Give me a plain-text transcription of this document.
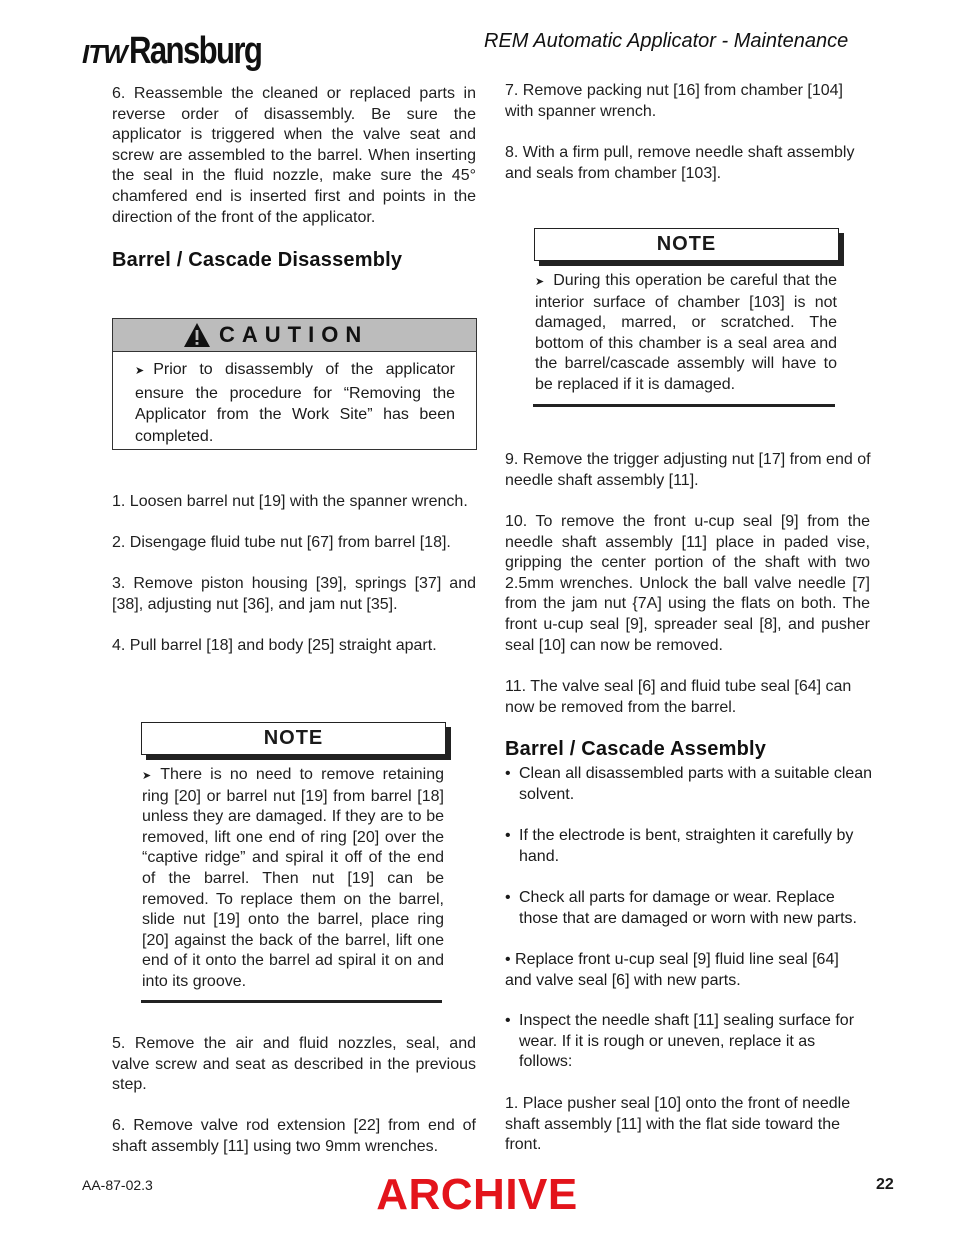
ITW Ransburg	REM Automatic Applicator - Maintenance
6. Reassemble the cleaned or replaced parts in reverse order of disassembly. Be sure the applicator is triggered when the valve seat and screw are assembled to the barrel. When inserting the seal in the fluid nozzle, make sure the 45° chamfered end is inserted first and points in the direction of the front of the applicator.
Barrel / Cascade Disassembly
CAUTION
➤ Prior to disassembly of the applicator ensure the procedure for “Removing the Applicator from the Work Site” has been completed.
1. Loosen barrel nut [19] with the spanner wrench.
2. Disengage fluid tube nut [67] from barrel [18].
3. Remove piston housing [39], springs [37] and [38], adjusting nut [36], and jam nut [35].
4. Pull barrel [18] and body [25] straight apart.
NOTE
➤ There is no need to remove retaining ring [20] or barrel nut [19] from barrel [18] unless they are damaged. If they are to be removed, lift one end of ring [20] over the “captive ridge” and spiral it off of the end of the barrel. Then nut [19] can be removed. To replace them on the barrel, slide nut [19] onto the barrel, place ring [20] against the back of the barrel, lift one end of it onto the barrel ad spiral it on and into its groove.
5. Remove the air and fluid nozzles, seal, and valve screw and seat as described in the previous step.
6. Remove valve rod extension [22] from end of shaft assembly [11] using two 9mm wrenches.
7. Remove packing nut [16] from chamber [104] with spanner wrench.
8. With a firm pull, remove needle shaft assembly and seals from chamber [103].
NOTE
➤ During this operation be careful that the interior surface of chamber [103] is not damaged, marred, or scratched. The bottom of this chamber is a seal area and the barrel/cascade assembly will have to be replaced if it is damaged.
9. Remove the trigger adjusting nut [17] from end of needle shaft assembly [11].
10. To remove the front u-cup seal [9] from the needle shaft assembly [11] place in paded vise, gripping the center portion of the shaft with two 2.5mm wrenches. Unlock the ball valve needle [7] from the jam nut {7A] using the flats on both. The front u-cup seal [9], spreader seal [8], and pusher seal [10] can now be removed.
11. The valve seal [6] and fluid tube seal [64] can now be removed from the barrel.
Barrel / Cascade Assembly
• Clean all disassembled parts with a suitable clean solvent.
• If the electrode is bent, straighten it carefully by hand.
• Check all parts for damage or wear. Replace those that are damaged or worn with new parts.
• Replace front u-cup seal [9] fluid line seal [64] and valve seal [6] with new parts.
• Inspect the needle shaft [11] sealing surface for wear. If it is rough or uneven, replace it as follows:
1. Place pusher seal [10] onto the front of needle shaft assembly [11] with the flat side toward the front.
AA-87-02.3	22
ARCHIVE
